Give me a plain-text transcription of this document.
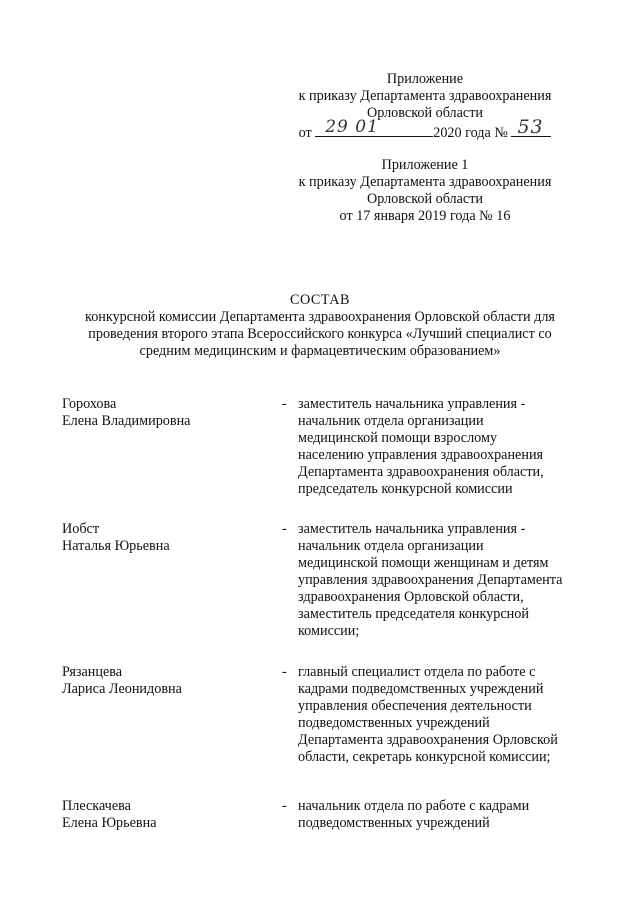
Приложение
к приказу Департамента здравоохранения
Орловской области
от 29 01	2020 года № 53
Приложение 1
к приказу Департамента здравоохранения
Орловской области
от 17 января 2019 года № 16
СОСТАВ
конкурсной комиссии Департамента здравоохранения Орловской области для
проведения второго этапа Всероссийского конкурса «Лучший специалист со
средним медицинским и фармацевтическим образованием»
Горохова
Елена Владимировна
- заместитель начальника управления -
начальник отдела организации
медицинской помощи взрослому
населению управления здравоохранения
Департамента здравоохранения области,
председатель конкурсной комиссии
Иобст
Наталья Юрьевна
- заместитель начальника управления -
начальник отдела организации
медицинской помощи женщинам и детям
управления здравоохранения Департамента
здравоохранения Орловской области,
заместитель председателя конкурсной
комиссии;
Рязанцева
Лариса Леонидовна
- главный специалист отдела по работе с
кадрами подведомственных учреждений
управления обеспечения деятельности
подведомственных учреждений
Департамента здравоохранения Орловской
области, секретарь конкурсной комиссии;
Плескачева
Елена Юрьевна
- начальник отдела по работе с кадрами
подведомственных учреждений
